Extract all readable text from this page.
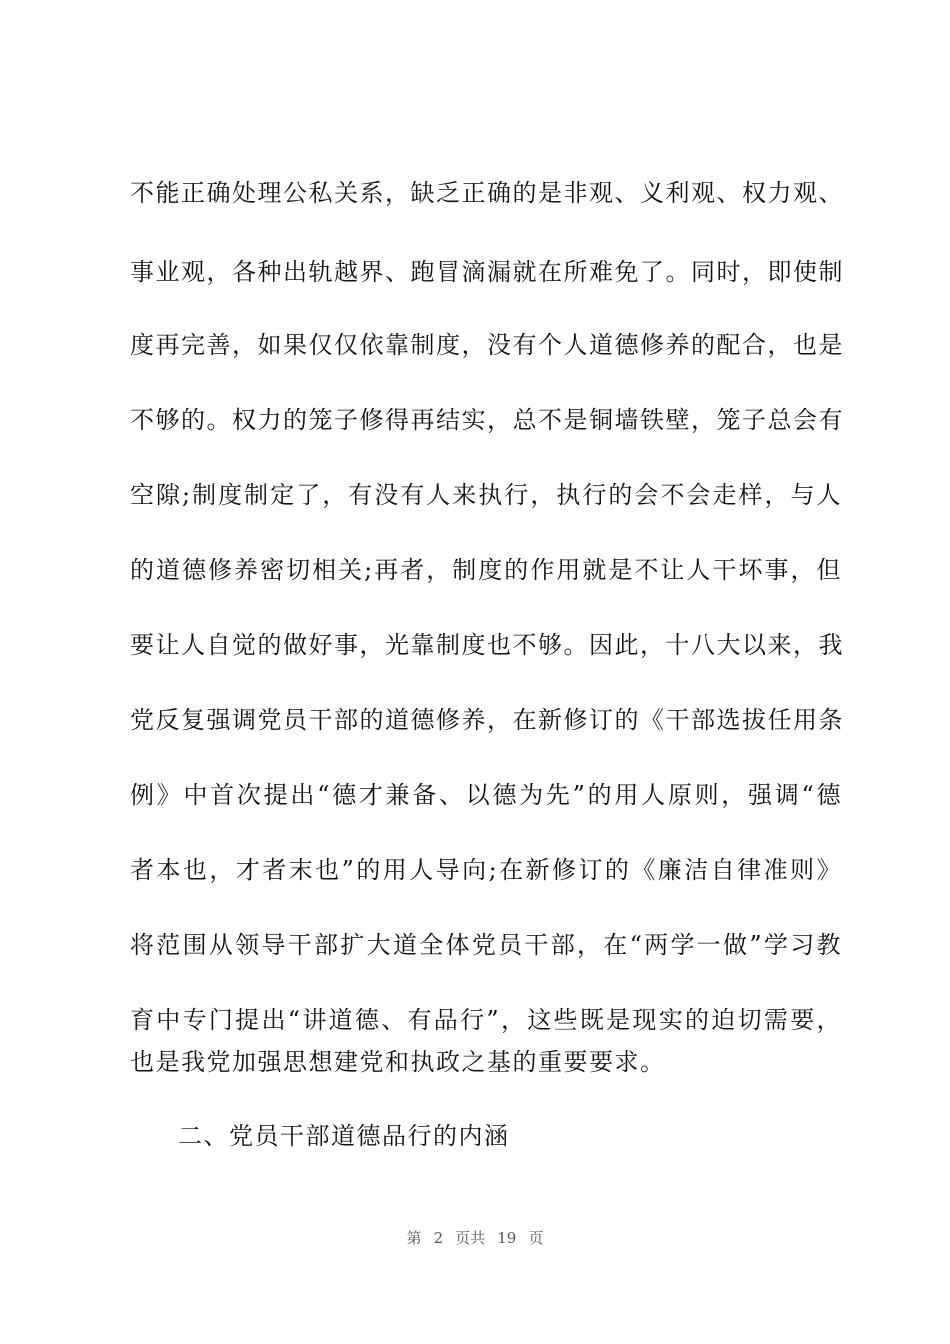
不能正确处理公私关系，缺乏正确的是非观、义利观、权力观、
事业观，各种出轨越界、跑冒滴漏就在所难免了。同时，即使制
度再完善，如果仅仅依靠制度，没有个人道德修养的配合，也是
不够的。权力的笼子修得再结实，总不是铜墙铁壁，笼子总会有
空隙;制度制定了，有没有人来执行，执行的会不会走样，与人
的道德修养密切相关;再者，制度的作用就是不让人干坏事，但
要让人自觉的做好事，光靠制度也不够。因此，十八大以来，我
党反复强调党员干部的道德修养，在新修订的《干部选拔任用条
例》中首次提出“德才兼备、以德为先”的用人原则，强调“德
者本也，才者末也”的用人导向;在新修订的《廉洁自律准则》
将范围从领导干部扩大道全体党员干部，在“两学一做”学习教
育中专门提出“讲道德、有品行”，这些既是现实的迫切需要，
也是我党加强思想建党和执政之基的重要要求。
二、党员干部道德品行的内涵
第 2 页共 19 页
